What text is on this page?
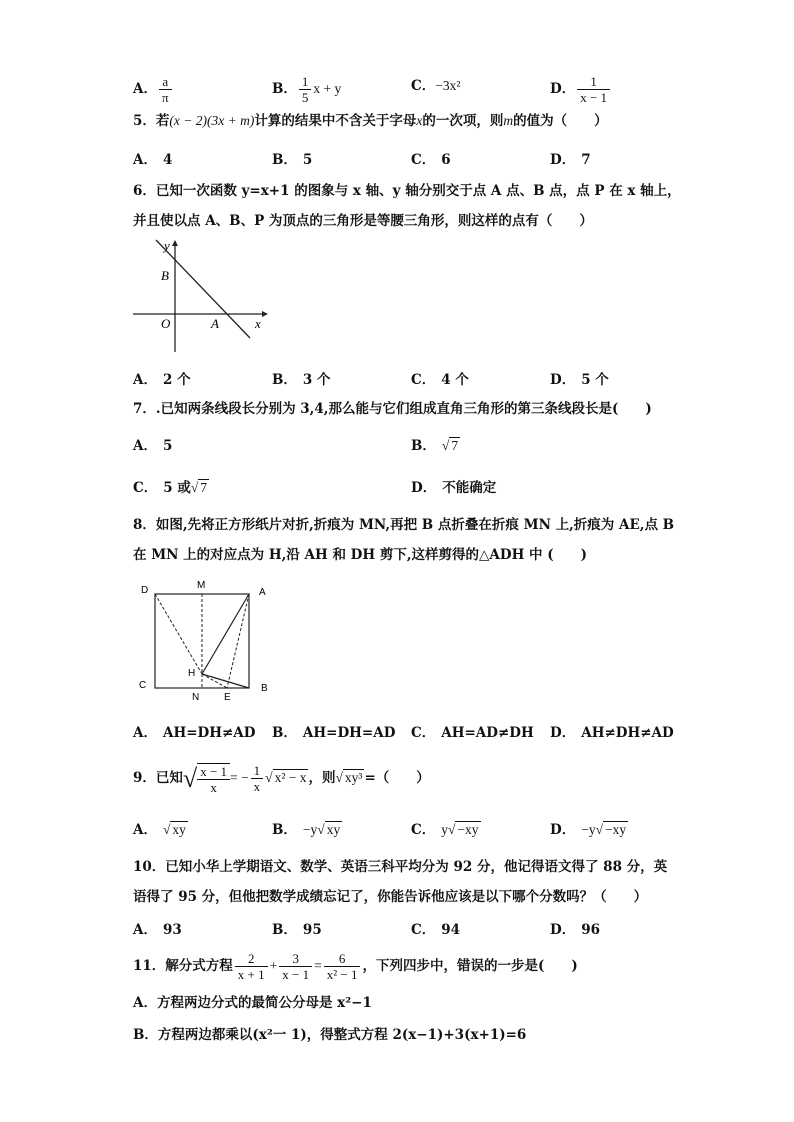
A． $\frac{a}{\pi}$	B． $\frac{1}{5}$ x + y	C．−3x²	D． $\frac{1}{x - 1}$
5．若(x − 2)(3x + m)计算的结果中不含关于字母x的一次项，则m的值为（　　）
A． 4	B． 5	C． 6	D． 7
6．已知一次函数 y=x+1 的图象与 x 轴、y 轴分别交于点 A 点、B 点，点 P 在 x 轴上，
并且使以点 A、B、P 为顶点的三角形是等腰三角形，则这样的点有（　　）
y
B
O	A	x
A． 2 个	B． 3 个	C． 4 个	D． 5 个
7．.已知两条线段长分别为 3,4,那么能与它们组成直角三角形的第三条线段长是(　　)
A． 5	B． √ 7
C． 5 或√ 7	D． 不能确定
8．如图,先将正方形纸片对折,折痕为 MN,再把 B 点折叠在折痕 MN 上,折痕为 AE,点 B
在 MN 上的对应点为 H,沿 AH 和 DH 剪下,这样剪得的△ADH 中 (　　)
D	M
A
H
C
N E
B
A． AH=DH≠AD B． AH=DH=AD C． AH=AD≠DH D． AH≠DH≠AD
9．已知√ $\frac{x - 1}{x}$ = − $\frac{1}{x}$ √ x² − x ，则√ xy³ =（　　）
A． √ xy	B． −y√ xy	C． y√ −xy	D． −y√ −xy
10．已知小华上学期语文、数学、英语三科平均分为 92 分，他记得语文得了 88 分，英
语得了 95 分，但他把数学成绩忘记了，你能告诉他应该是以下哪个分数吗？（　　）
A． 93	B． 95	C． 94	D． 96
11．解分式方程 $\frac{2}{x + 1} + \frac{3}{x - 1} = \frac{6}{\text{x² − 1}}$ ，下列四步中，错误的一步是(　　)
A．方程两边分式的最简公分母是 x²−1
B．方程两边都乘以(x²一 1)，得整式方程 2(x−1)+3(x+1)=6
